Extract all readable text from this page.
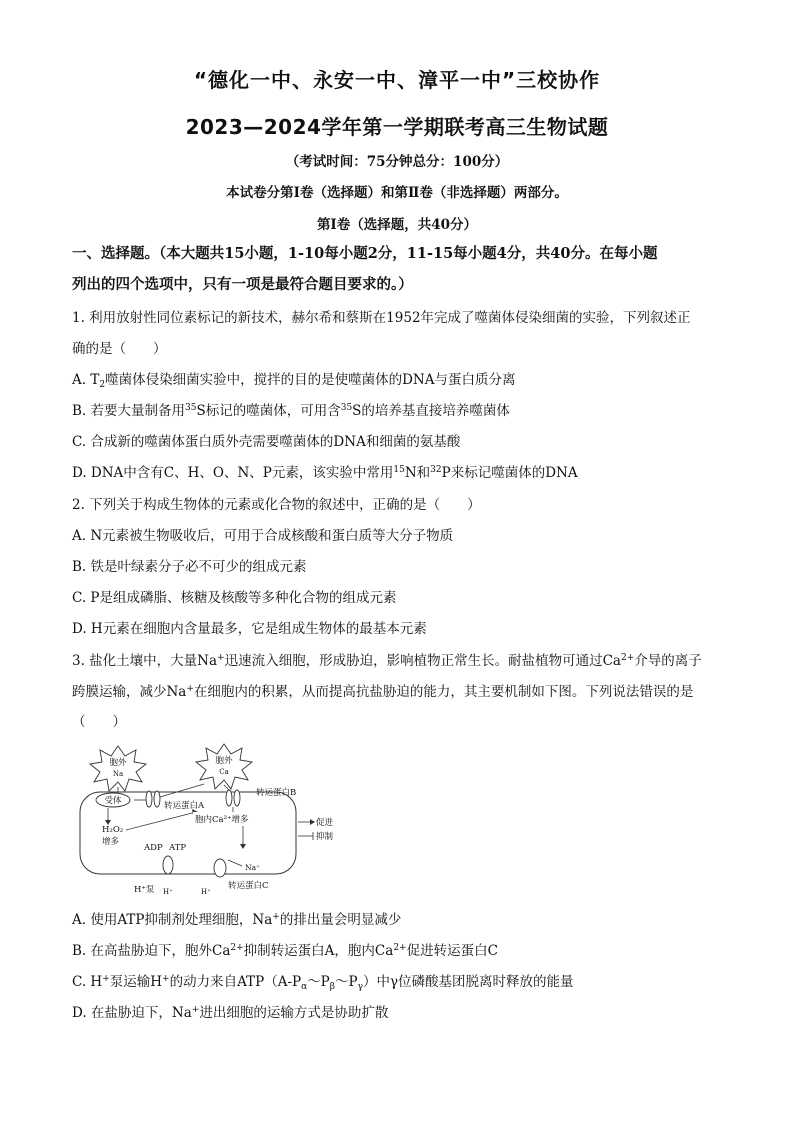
“德化一中、永安一中、漳平一中”三校协作
2023—2024学年第一学期联考高三生物试题
（考试时间：75分钟总分：100分）
本试卷分第Ⅰ卷（选择题）和第Ⅱ卷（非选择题）两部分。
第Ⅰ卷（选择题，共40分）
一、选择题。（本大题共15小题，1-10每小题2分，11-15每小题4分，共40分。在每小题
列出的四个选项中，只有一项是最符合题目要求的。）
1. 利用放射性同位素标记的新技术，赫尔希和蔡斯在1952年完成了噬菌体侵染细菌的实验，下列叙述正
确的是（　　）
A. $T_2$噬菌体侵染细菌实验中，搅拌的目的是使噬菌体的DNA与蛋白质分离
B. 若要大量制备用$^{35}$S标记的噬菌体，可用含$^{35}$S的培养基直接培养噬菌体
C. 合成新的噬菌体蛋白质外壳需要噬菌体的DNA和细菌的氨基酸
D. DNA中含有C、H、O、N、P元素，该实验中常用$^{15}$N和$^{32}$P来标记噬菌体的DNA
2. 下列关于构成生物体的元素或化合物的叙述中，正确的是（　　）
A. N元素被生物吸收后，可用于合成核酸和蛋白质等大分子物质
B. 铁是叶绿素分子必不可少的组成元素
C. P是组成磷脂、核糖及核酸等多种化合物的组成元素
D. H元素在细胞内含量最多，它是组成生物体的最基本元素
3. 盐化土壤中，大量Na+迅速流入细胞，形成胁迫，影响植物正常生长。耐盐植物可通过$Ca^{2+}$介导的离子
跨膜运输，减少Na+在细胞内的积累，从而提高抗盐胁迫的能力，其主要机制如下图。下列说法错误的是
（　　）
胞外
Na
胞外
Ca
受体	转运蛋白A
转运蛋白B
H₂O₂
增多
胞内Ca²⁺增多
ADP ATP
H⁺泵 H⁺
Na⁺
H⁺
转运蛋白C
促进
抑制
A. 使用ATP抑制剂处理细胞，Na+的排出量会明显减少
B. 在高盐胁迫下，胞外$Ca^{2+}$抑制转运蛋白A，胞内$Ca^{2+}$促进转运蛋白C
C. H+泵运输H+的动力来自$ATP(A-P_\alpha\sim P_\beta\sim P_\gamma)$中γ位磷酸基团脱离时释放的能量
D. 在盐胁迫下，Na+进出细胞的运输方式是协助扩散
